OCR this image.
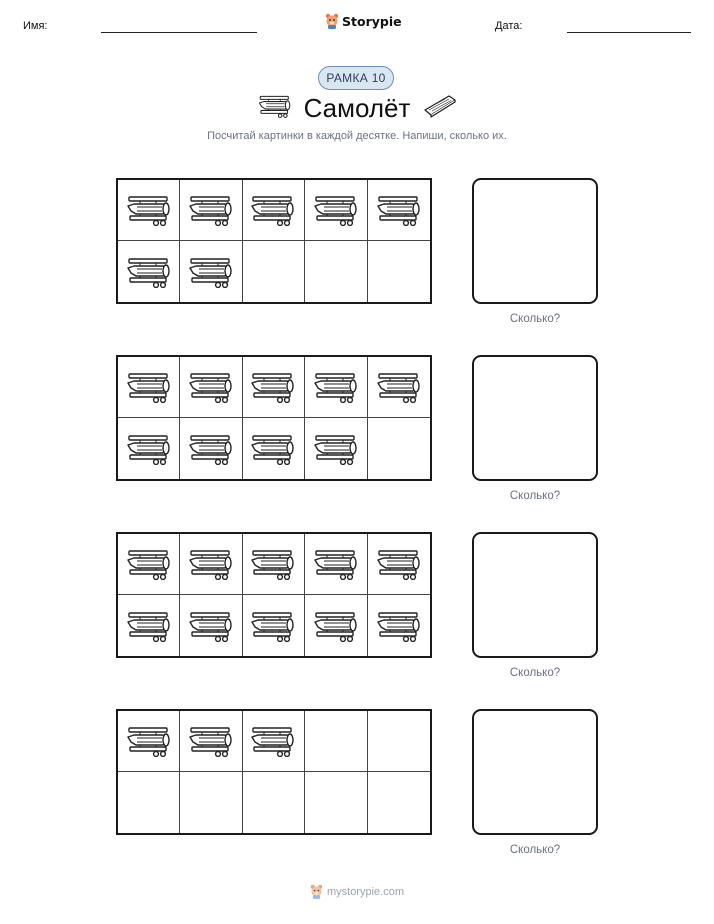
Имя:	Storypie	Дата:
РАМКА 10
Самолёт
Посчитай картинки в каждой десятке. Напиши, сколько их.
Сколько?
Сколько?
Сколько?
Сколько?
mystorypie.com
